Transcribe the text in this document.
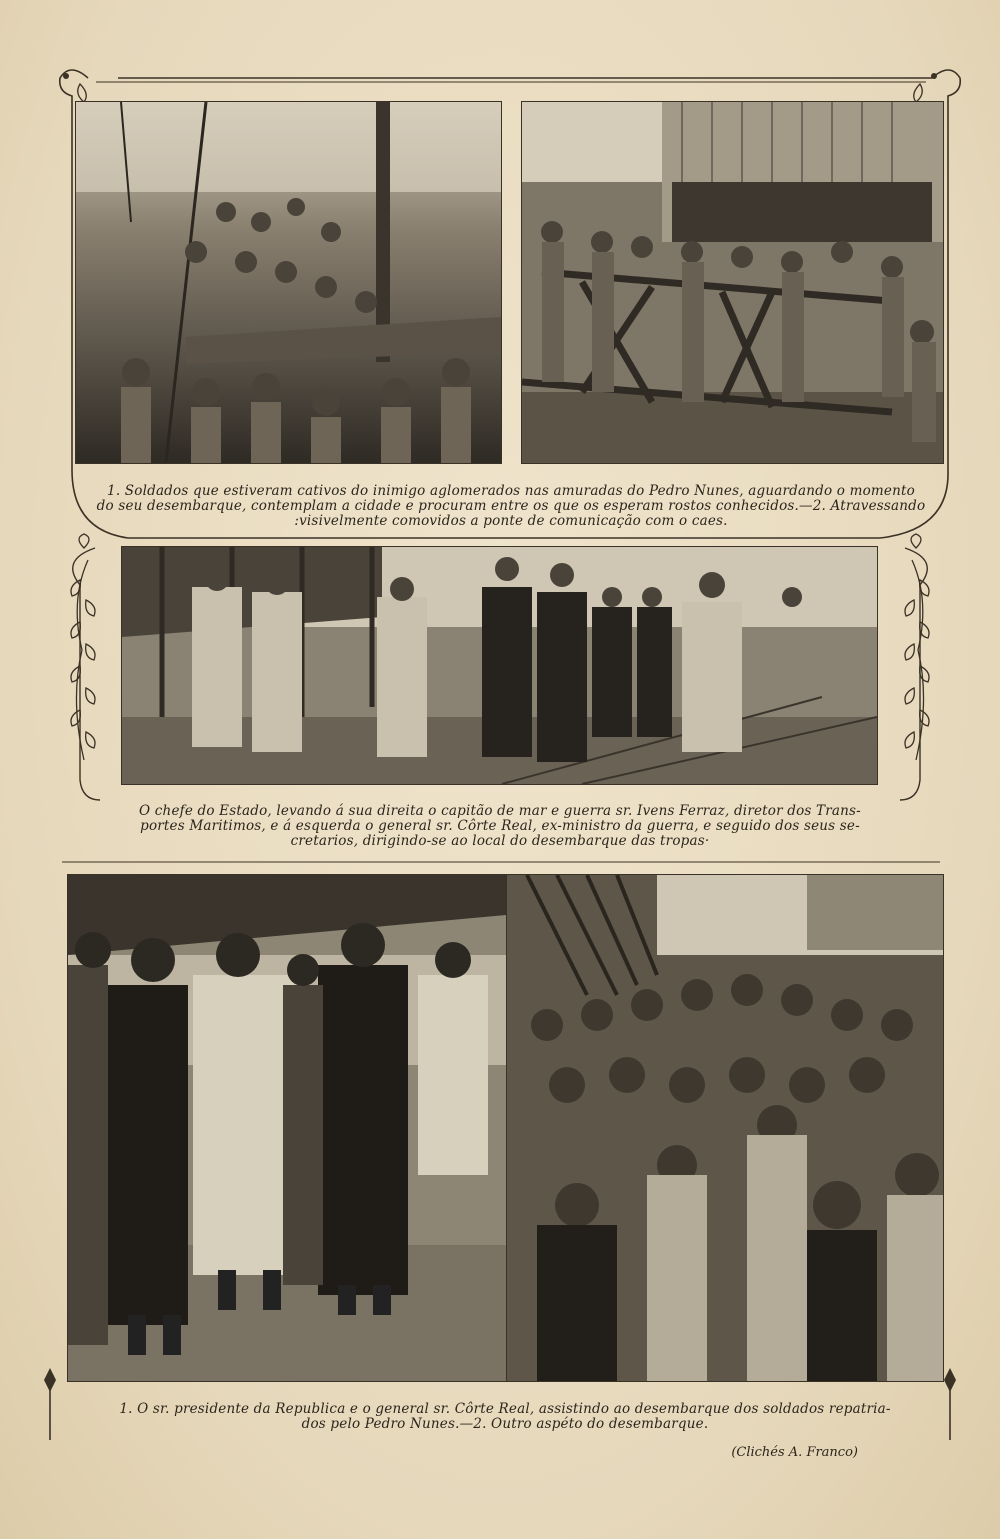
1. Soldados que estiveram cativos do inimigo aglomerados nas amuradas do Pedro Nunes, aguardando o momento
do seu desembarque, contemplam a cidade e procuram entre os que os esperam rostos conhecidos.—2. Atravessando
:visivelmente comovidos a ponte de comunicação com o caes.
O chefe do Estado, levando á sua direita o capitão de mar e guerra sr. Ivens Ferraz, diretor dos Trans-
portes Maritimos, e á esquerda o general sr. Côrte Real, ex-ministro da guerra, e seguido dos seus se-
cretarios, dirigindo-se ao local do desembarque das tropas·
1. O sr. presidente da Republica e o general sr. Côrte Real, assistindo ao desembarque dos soldados repatria-
dos pelo Pedro Nunes.—2. Outro aspéto do desembarque.
(Clichés A. Franco)
